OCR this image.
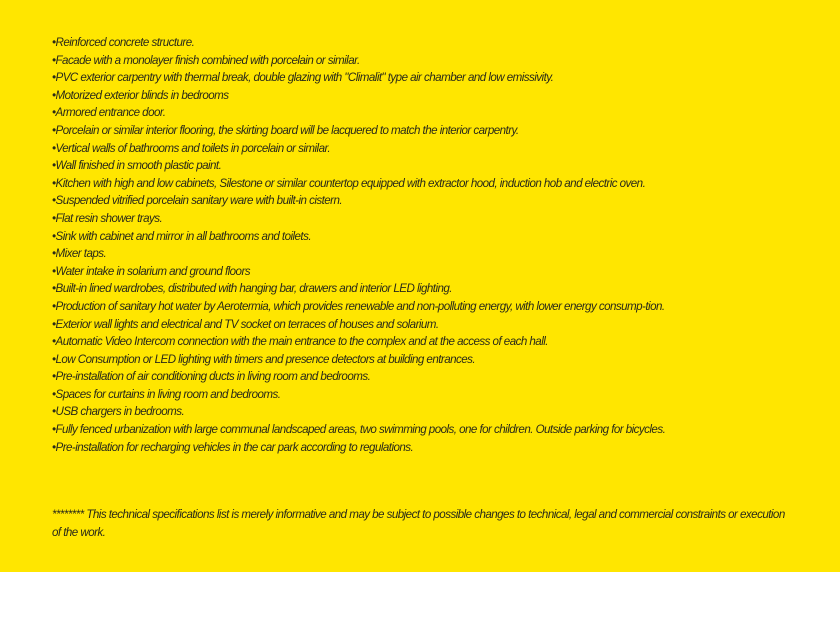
•Reinforced concrete structure.
•Facade with a monolayer finish combined with porcelain or similar.
•PVC exterior carpentry with thermal break, double glazing with "Climalit" type air chamber and low emissivity.
•Motorized exterior blinds in bedrooms
•Armored entrance door.
•Porcelain or similar interior flooring, the skirting board will be lacquered to match the interior carpentry.
•Vertical walls of bathrooms and toilets in porcelain or similar.
•Wall finished in smooth plastic paint.
•Kitchen with high and low cabinets, Silestone or similar countertop equipped with extractor hood, induction hob and electric oven.
•Suspended vitrified porcelain sanitary ware with built-in cistern.
•Flat resin shower trays.
•Sink with cabinet and mirror in all bathrooms and toilets.
•Mixer taps.
•Water intake in solarium and ground floors
•Built-in lined wardrobes, distributed with hanging bar, drawers and interior LED lighting.
•Production of sanitary hot water by Aerotermia, which provides renewable and non-polluting energy, with lower energy consump-tion.
•Exterior wall lights and electrical and TV socket on terraces of houses and solarium.
•Automatic Video Intercom connection with the main entrance to the complex and at the access of each hall.
•Low Consumption or LED lighting with timers and presence detectors at building entrances.
•Pre-installation of air conditioning ducts in living room and bedrooms.
•Spaces for curtains in living room and bedrooms.
•USB chargers in bedrooms.
•Fully fenced urbanization with large communal landscaped areas, two swimming pools, one for children. Outside parking for bicycles.
•Pre-installation for recharging vehicles in the car park according to regulations.

******** This technical specifications list is merely informative and may be subject to possible changes to technical, legal and commercial constraints or execution of the work.
